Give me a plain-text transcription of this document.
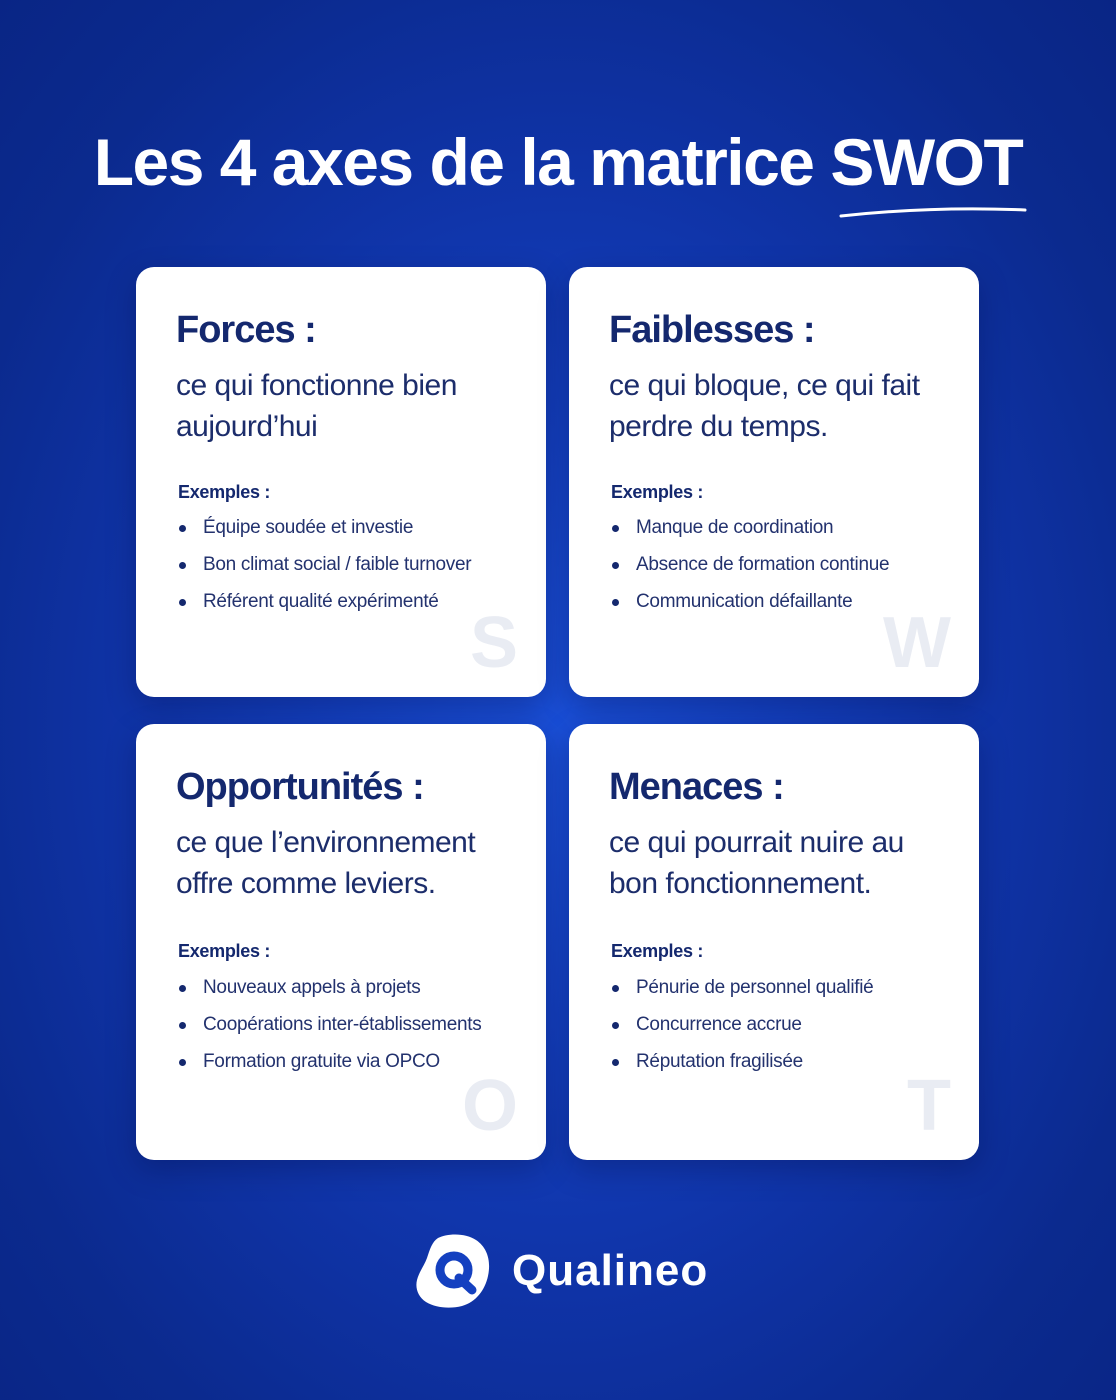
Les 4 axes de la matrice SWOT
Forces :
ce qui fonctionne bien aujourd’hui
Exemples :
Équipe soudée et investie
Bon climat social / faible turnover
Référent qualité expérimenté
S
Faiblesses :
ce qui bloque, ce qui fait perdre du temps.
Exemples :
Manque de coordination
Absence de formation continue
Communication défaillante
W
Opportunités :
ce que l’environnement offre comme leviers.
Exemples :
Nouveaux appels à projets
Coopérations inter-établissements
Formation gratuite via OPCO
O
Menaces :
ce qui pourrait nuire au bon fonctionnement.
Exemples :
Pénurie de personnel qualifié
Concurrence accrue
Réputation fragilisée
T
Qualineo
